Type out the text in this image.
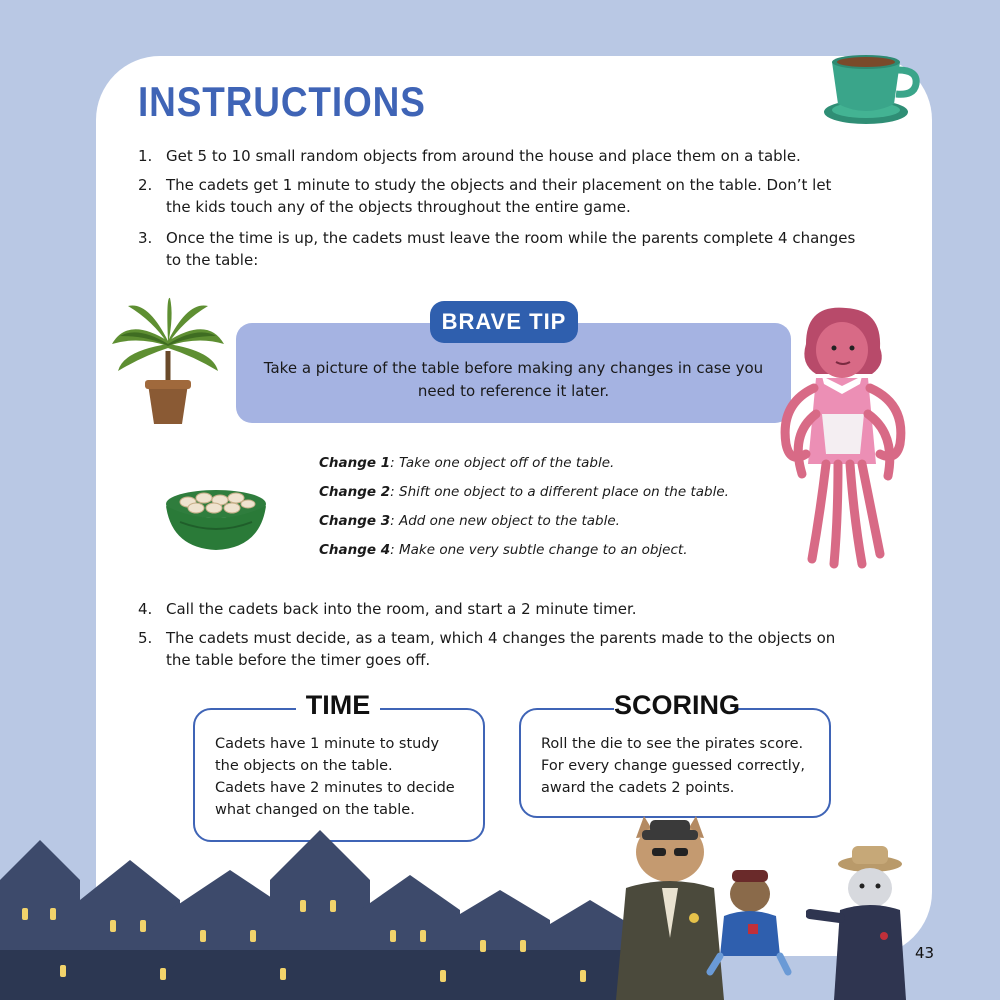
INSTRUCTIONS
1. Get 5 to 10 small random objects from around the house and place them on a table.
2. The cadets get 1 minute to study the objects and their placement on the table. Don’t let the kids touch any of the objects throughout the entire game.
3. Once the time is up, the cadets must leave the room while the parents complete 4 changes to the table:
BRAVE TIP
Take a picture of the table before making any changes in case you need to reference it later.
Change 1: Take one object off of the table.
Change 2: Shift one object to a different place on the table.
Change 3: Add one new object to the table.
Change 4: Make one very subtle change to an object.
4. Call the cadets back into the room, and start a 2 minute timer.
5. The cadets must decide, as a team, which 4 changes the parents made to the objects on the table before the timer goes off.
TIME
Cadets have 1 minute to study
the objects on the table.
Cadets have 2 minutes to decide
what changed on the table.
SCORING
Roll the die to see the pirates score.
For every change guessed correctly,
award the cadets 2 points.
43
